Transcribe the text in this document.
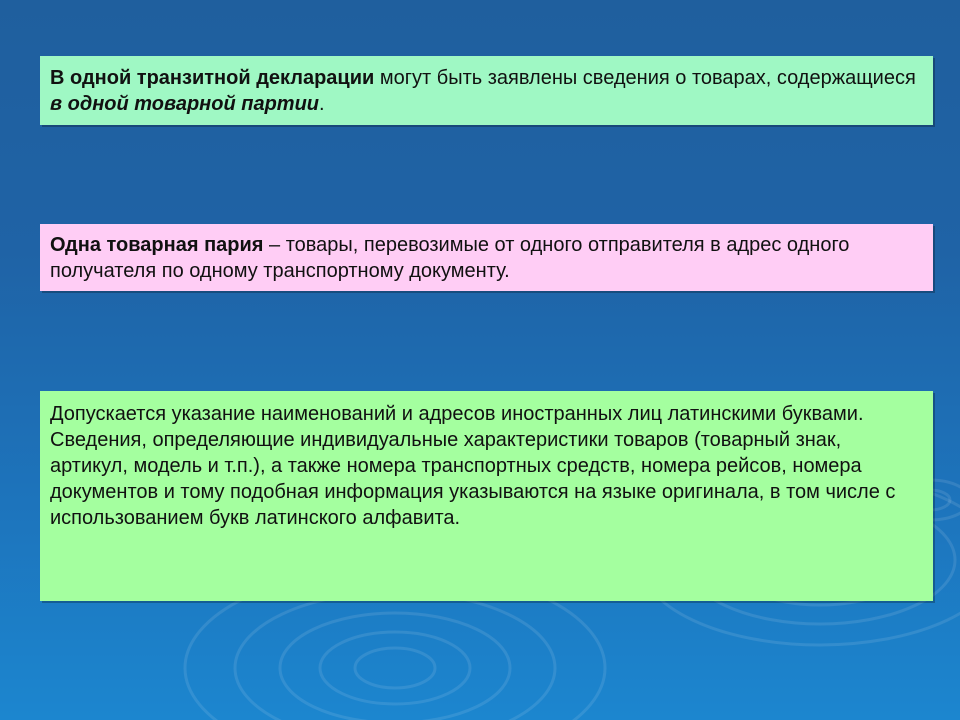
В одной транзитной декларации могут быть заявлены сведения о товарах, содержащиеся в одной товарной партии.

Одна товарная пария – товары, перевозимые от одного отправителя в адрес одного получателя по одному транспортному документу.

Допускается указание наименований и адресов иностранных лиц латинскими буквами.

Сведения, определяющие индивидуальные характеристики товаров (товарный знак, артикул, модель и т.п.), а также номера транспортных средств, номера рейсов, номера документов и тому подобная информация указываются на языке оригинала, в том числе с использованием букв латинского алфавита.
